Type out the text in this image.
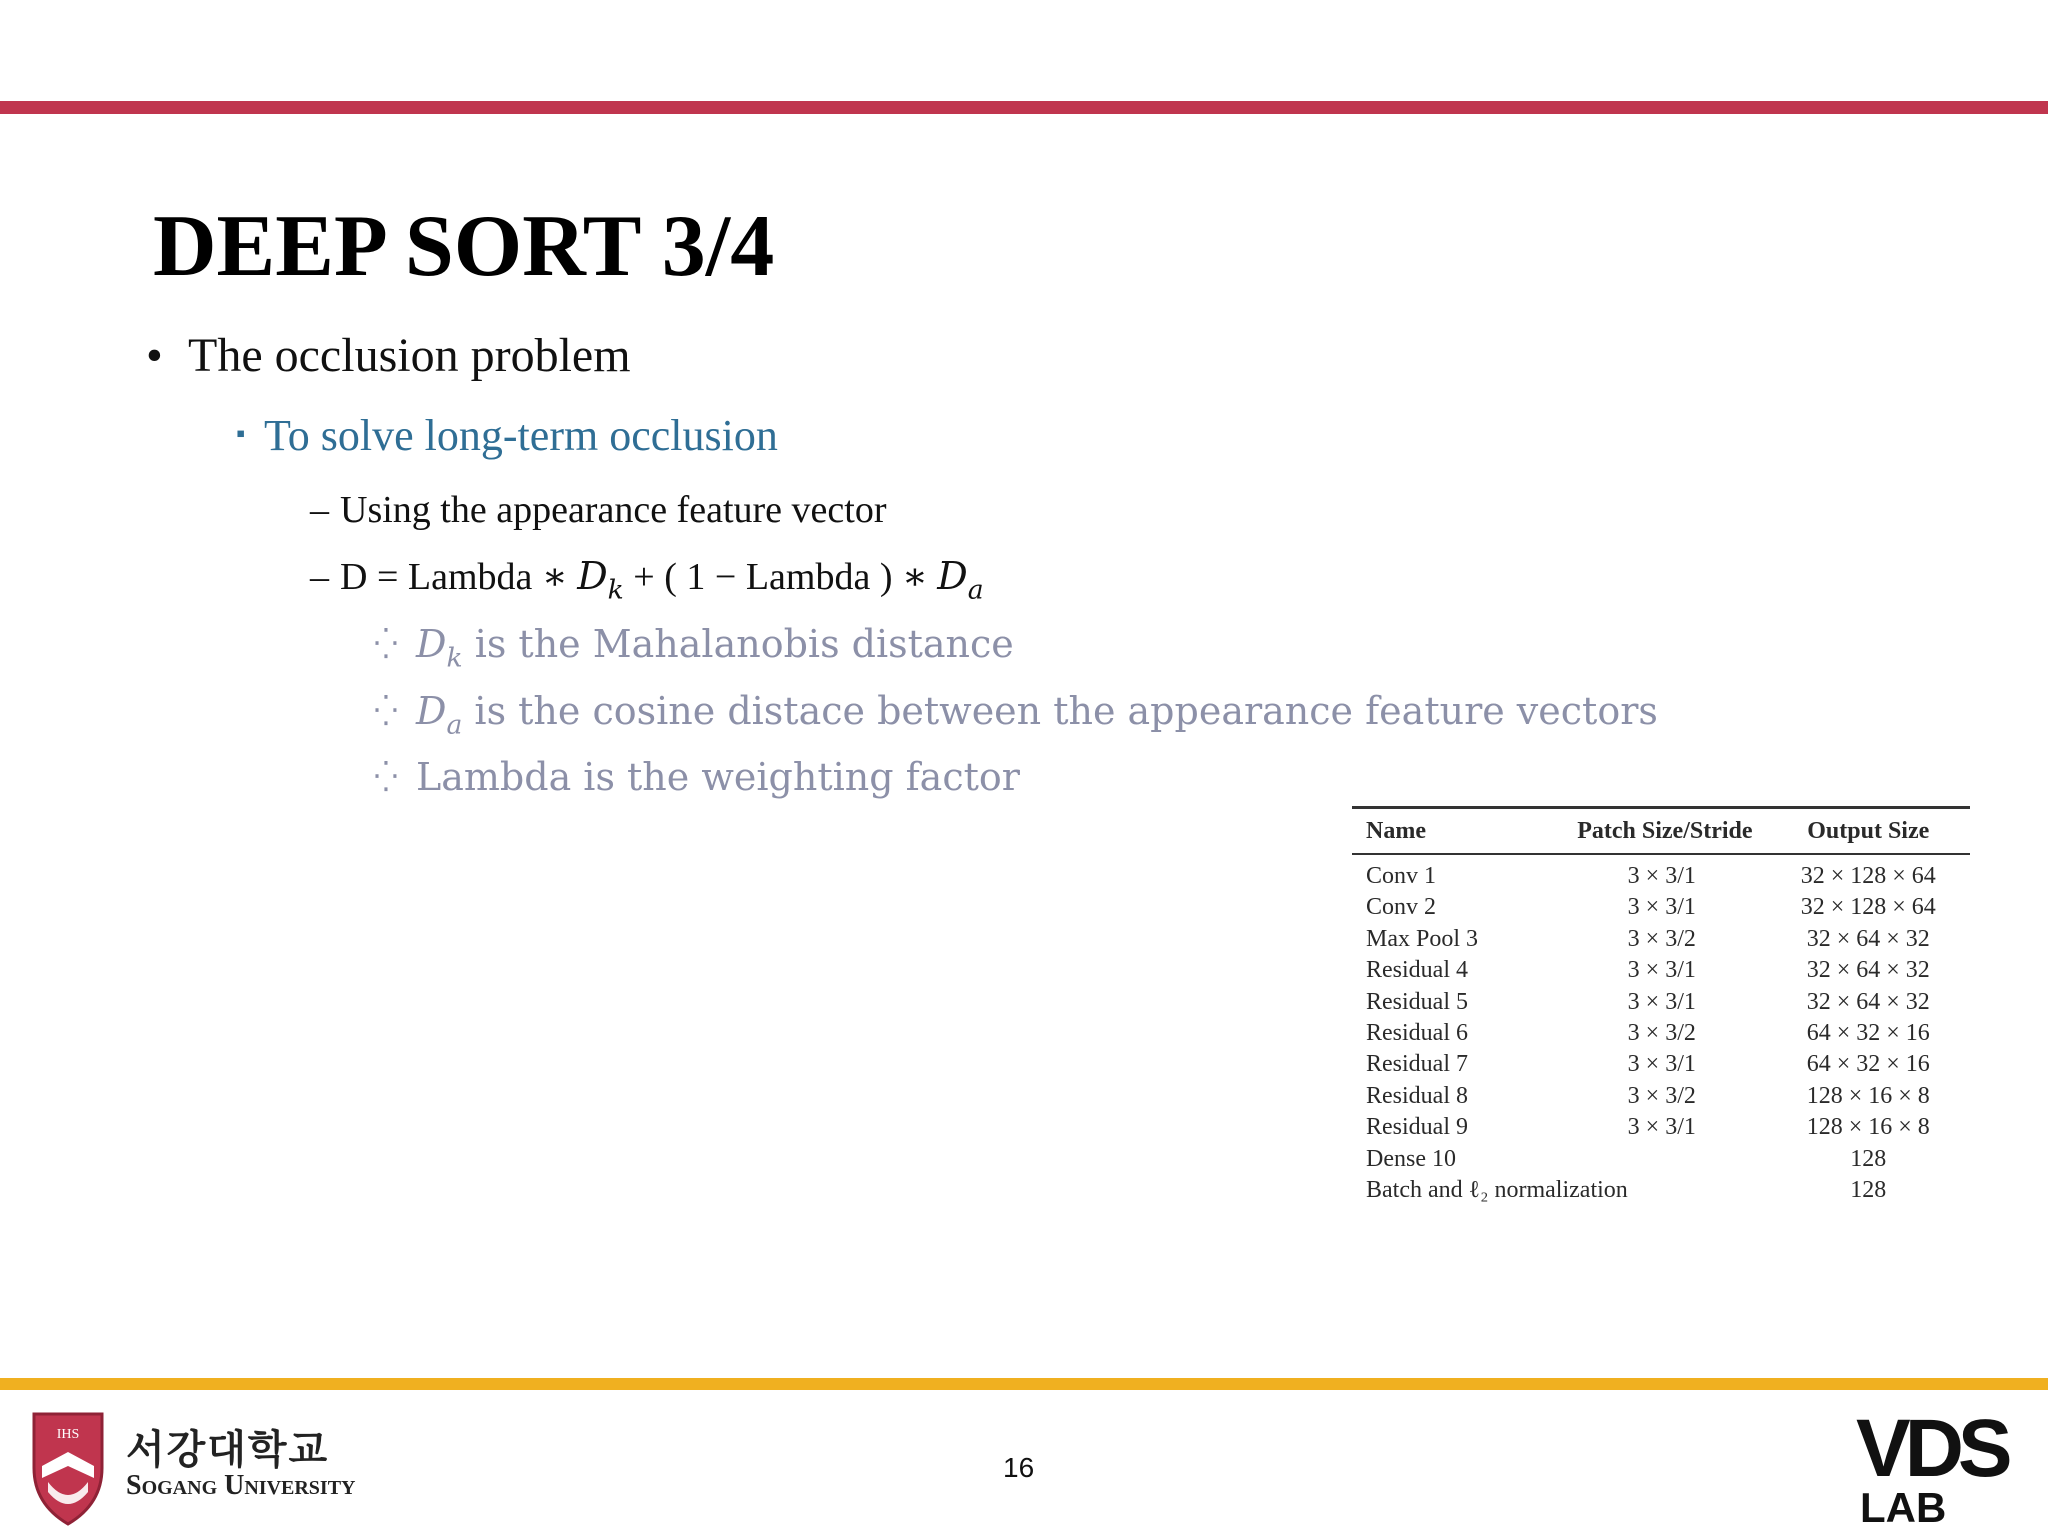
DEEP SORT 3/4
• The occlusion problem
▪ To solve long-term occlusion
– Using the appearance feature vector
– D = Lambda ∗ $D_k$ + ( 1 − Lambda ) ∗ $D_a$
⁛ $D_k$ is the Mahalanobis distance
⁛ $D_a$ is the cosine distace between the appearance feature vectors
⁛ Lambda is the weighting factor
Name	Patch Size/Stride	Output Size
Conv 1	3 × 3/1	32 × 128 × 64
Conv 2	3 × 3/1	32 × 128 × 64
Max Pool 3	3 × 3/2	32 × 64 × 32
Residual 4	3 × 3/1	32 × 64 × 32
Residual 5	3 × 3/1	32 × 64 × 32
Residual 6	3 × 3/2	64 × 32 × 16
Residual 7	3 × 3/1	64 × 32 × 16
Residual 8	3 × 3/2	128 × 16 × 8
Residual 9	3 × 3/1	128 × 16 × 8
Dense 10		128
Batch and ℓ₂ normalization		128
IHS 서강대학교
Sogang University
16	VDS
LAB
